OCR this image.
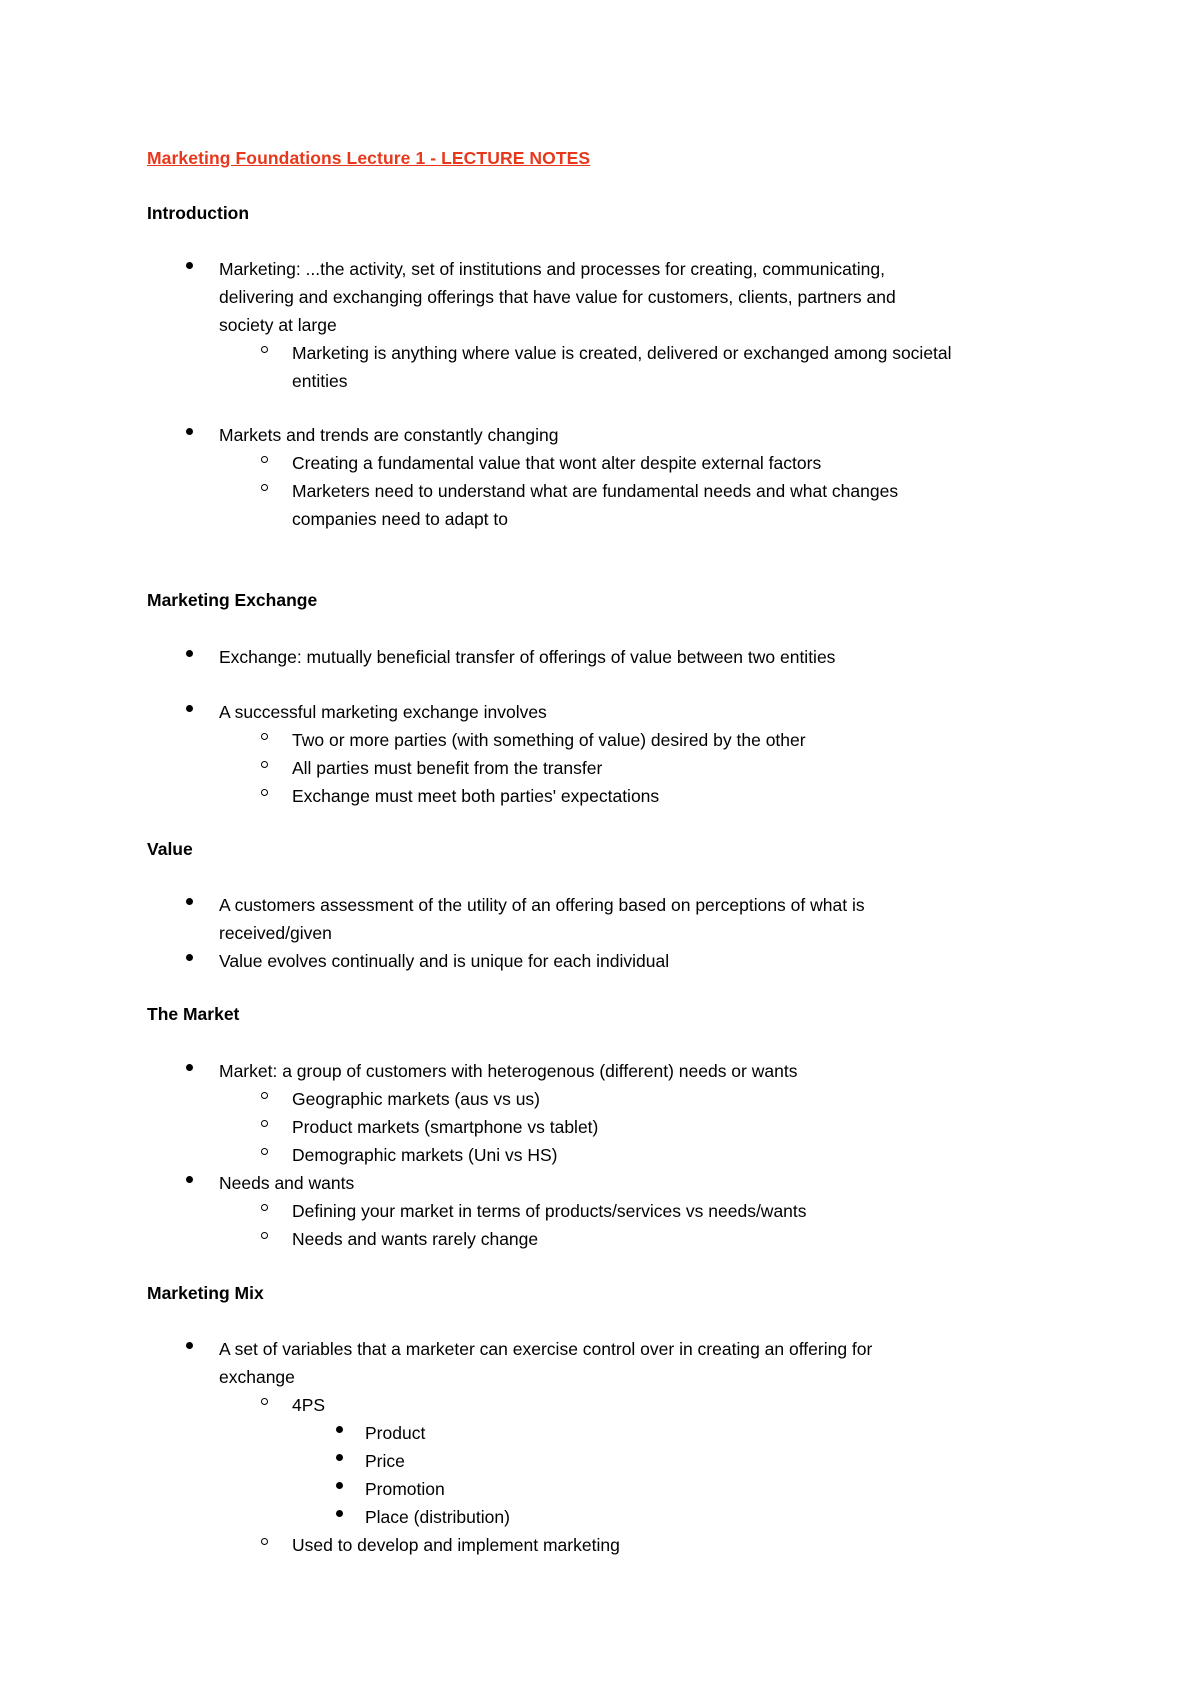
Marketing Foundations Lecture 1 - LECTURE NOTES
Introduction
Marketing: ...the activity, set of institutions and processes for creating, communicating,
delivering and exchanging offerings that have value for customers, clients, partners and
society at large
Marketing is anything where value is created, delivered or exchanged among societal
entities
Markets and trends are constantly changing
Creating a fundamental value that wont alter despite external factors
Marketers need to understand what are fundamental needs and what changes
companies need to adapt to
Marketing Exchange
Exchange: mutually beneficial transfer of offerings of value between two entities
A successful marketing exchange involves
Two or more parties (with something of value) desired by the other
All parties must benefit from the transfer
Exchange must meet both parties' expectations
Value
A customers assessment of the utility of an offering based on perceptions of what is
received/given
Value evolves continually and is unique for each individual
The Market
Market: a group of customers with heterogenous (different) needs or wants
Geographic markets (aus vs us)
Product markets (smartphone vs tablet)
Demographic markets (Uni vs HS)
Needs and wants
Defining your market in terms of products/services vs needs/wants
Needs and wants rarely change
Marketing Mix
A set of variables that a marketer can exercise control over in creating an offering for
exchange
4PS
Product
Price
Promotion
Place (distribution)
Used to develop and implement marketing
